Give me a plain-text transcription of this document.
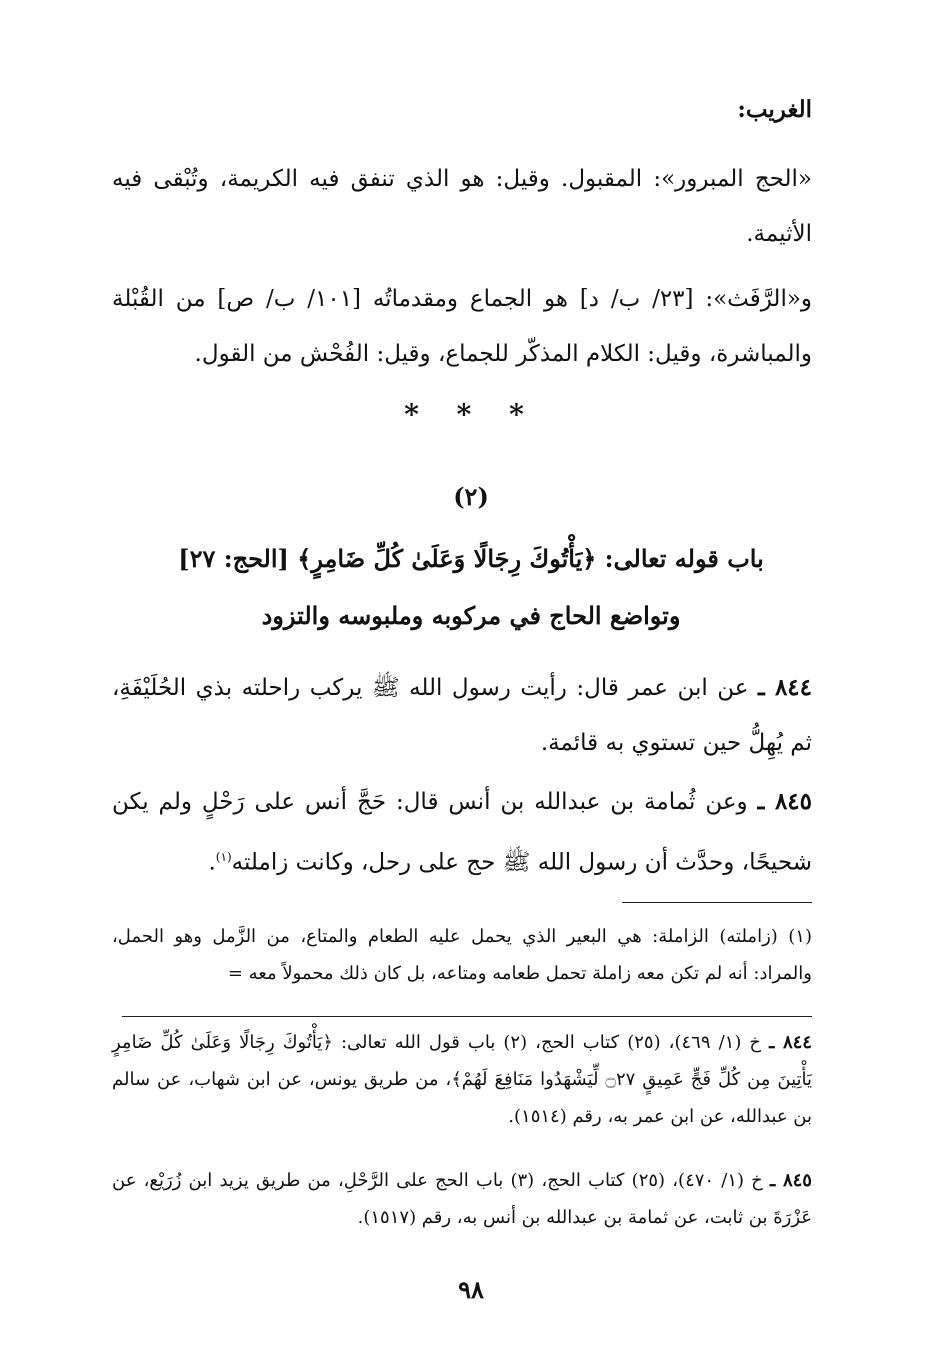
الغريب:
«الحج المبرور»: المقبول. وقيل: هو الذي تنفق فيه الكريمة، وتُبْقى فيه الأثيمة.
و«الرَّفَث»: [٢٣/ ب/ د] هو الجماع ومقدماتُه [١٠١/ ب/ ص] من القُبْلة والمباشرة، وقيل: الكلام المذكّر للجماع، وقيل: الفُحْش من القول.
* * *
(٢)
باب قوله تعالى: ﴿يَأْتُوكَ رِجَالًا وَعَلَىٰ كُلِّ ضَامِرٍ﴾ [الحج: ٢٧]
وتواضع الحاج في مركوبه وملبوسه والتزود
٨٤٤ ـ عن ابن عمر قال: رأيت رسول الله ﷺ يركب راحلته بذي الحُلَيْفَةِ، ثم يُهِلُّ حين تستوي به قائمة.
٨٤٥ ـ وعن ثُمامة بن عبدالله بن أنس قال: حَجَّ أنس على رَحْلٍ ولم يكن شحيحًا، وحدَّث أن رسول الله ﷺ حج على رحل، وكانت زاملته$^{(١)}$.
(١) (زاملته) الزاملة: هي البعير الذي يحمل عليه الطعام والمتاع، من الزَّمل وهو الحمل، والمراد: أنه لم تكن معه زاملة تحمل طعامه ومتاعه، بل كان ذلك محمولاً معه =
٨٤٤ ـ خ (١/ ٤٦٩)، (٢٥) كتاب الحج، (٢) باب قول الله تعالى: ﴿يَأْتُوكَ رِجَالًا وَعَلَىٰ كُلِّ ضَامِرٍ يَأْتِينَ مِن كُلِّ فَجٍّ عَمِيقٍ ۝٢٧ لِّيَشْهَدُوا مَنَافِعَ لَهُمْ﴾، من طريق يونس، عن ابن شهاب، عن سالم بن عبدالله، عن ابن عمر به، رقم (١٥١٤).
٨٤٥ ـ خ (١/ ٤٧٠)، (٢٥) كتاب الحج، (٣) باب الحج على الرَّحْلِ، من طريق يزيد ابن زُرَيْع، عن عَزْرَةَ بن ثابت، عن ثمامة بن عبدالله بن أنس به، رقم (١٥١٧).
٩٨
